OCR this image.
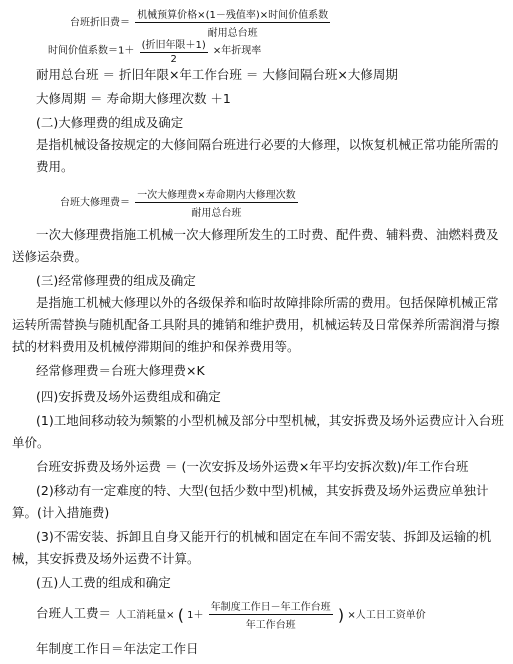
台班折旧费＝ $\frac{\text{机械预算价格×(1－残值率)×时间价值系数}}{\text{耐用总台班}}$
时间价值系数$=1+ \frac{\text{(折旧年限＋1)}}{2}$ ×年折现率
耐用总台班 ＝ 折旧年限×年工作台班 ＝ 大修间隔台班×大修周期
大修周期 ＝ 寿命期大修理次数 ＋1
(二)大修理费的组成及确定
是指机械设备按规定的大修间隔台班进行必要的大修理，以恢复机械正常功能所需的费用。
台班大修理费＝ $\frac{\text{一次大修理费×寿命期内大修理次数}}{\text{耐用总台班}}$
一次大修理费指施工机械一次大修理所发生的工时费、配件费、辅料费、油燃料费及送修运杂费。
(三)经常修理费的组成及确定
是指施工机械大修理以外的各级保养和临时故障排除所需的费用。包括保障机械正常运转所需替换与随机配备工具附具的摊销和维护费用，机械运转及日常保养所需润滑与擦拭的材料费用及机械停滞期间的维护和保养费用等。
经常修理费＝台班大修理费×K
(四)安拆费及场外运费组成和确定
(1)工地间移动较为频繁的小型机械及部分中型机械，其安拆费及场外运费应计入台班单价。
台班安拆费及场外运费 ＝ (一次安拆及场外运费×年平均安拆次数)/年工作台班
(2)移动有一定难度的特、大型(包括少数中型)机械，其安拆费及场外运费应单独计算。(计入措施费)
(3)不需安装、拆卸且自身又能开行的机械和固定在车间不需安装、拆卸及运输的机械，其安拆费及场外运费不计算。
(五)人工费的组成和确定
台班人工费＝ 人工消耗量× ( $1+ \frac{\text{年制度工作日－年工作台班}}{\text{年工作台班}}$ ) ×人工日工资单价
年制度工作日＝年法定工作日
